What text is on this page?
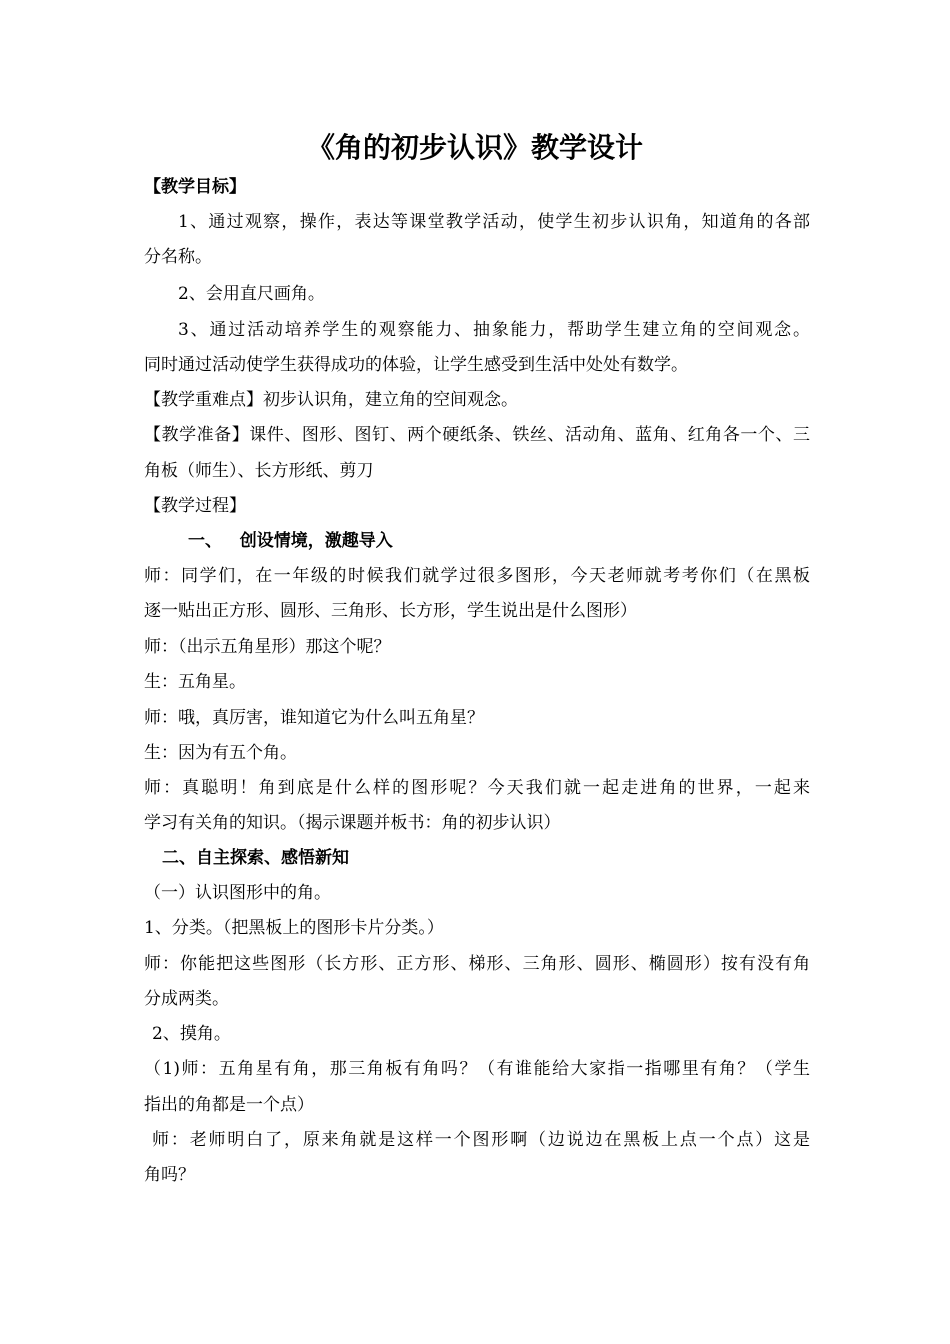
《角的初步认识》教学设计
【教学目标】
1、通过观察，操作，表达等课堂教学活动，使学生初步认识角，知道角的各部
分名称。
2、会用直尺画角。
3、通过活动培养学生的观察能力、抽象能力，帮助学生建立角的空间观念。
同时通过活动使学生获得成功的体验，让学生感受到生活中处处有数学。
【教学重难点】初步认识角，建立角的空间观念。
【教学准备】课件、图形、图钉、两个硬纸条、铁丝、活动角、蓝角、红角各一个、三
角板（师生）、长方形纸、剪刀
【教学过程】
一、   创设情境，激趣导入
师：同学们，在一年级的时候我们就学过很多图形，今天老师就考考你们（在黑板
逐一贴出正方形、圆形、三角形、长方形，学生说出是什么图形）
师：（出示五角星形）那这个呢？
生：五角星。
师：哦，真厉害，谁知道它为什么叫五角星？
生：因为有五个角。
师：真聪明！角到底是什么样的图形呢？今天我们就一起走进角的世界，一起来
学习有关角的知识。（揭示课题并板书：角的初步认识）
二、自主探索、感悟新知
（一）认识图形中的角。
1、分类。（把黑板上的图形卡片分类。）
师：你能把这些图形（长方形、正方形、梯形、三角形、圆形、椭圆形）按有没有角
分成两类。
2、摸角。
（1)师：五角星有角，那三角板有角吗？（有谁能给大家指一指哪里有角？（学生
指出的角都是一个点）
师：老师明白了，原来角就是这样一个图形啊（边说边在黑板上点一个点）这是
角吗？
